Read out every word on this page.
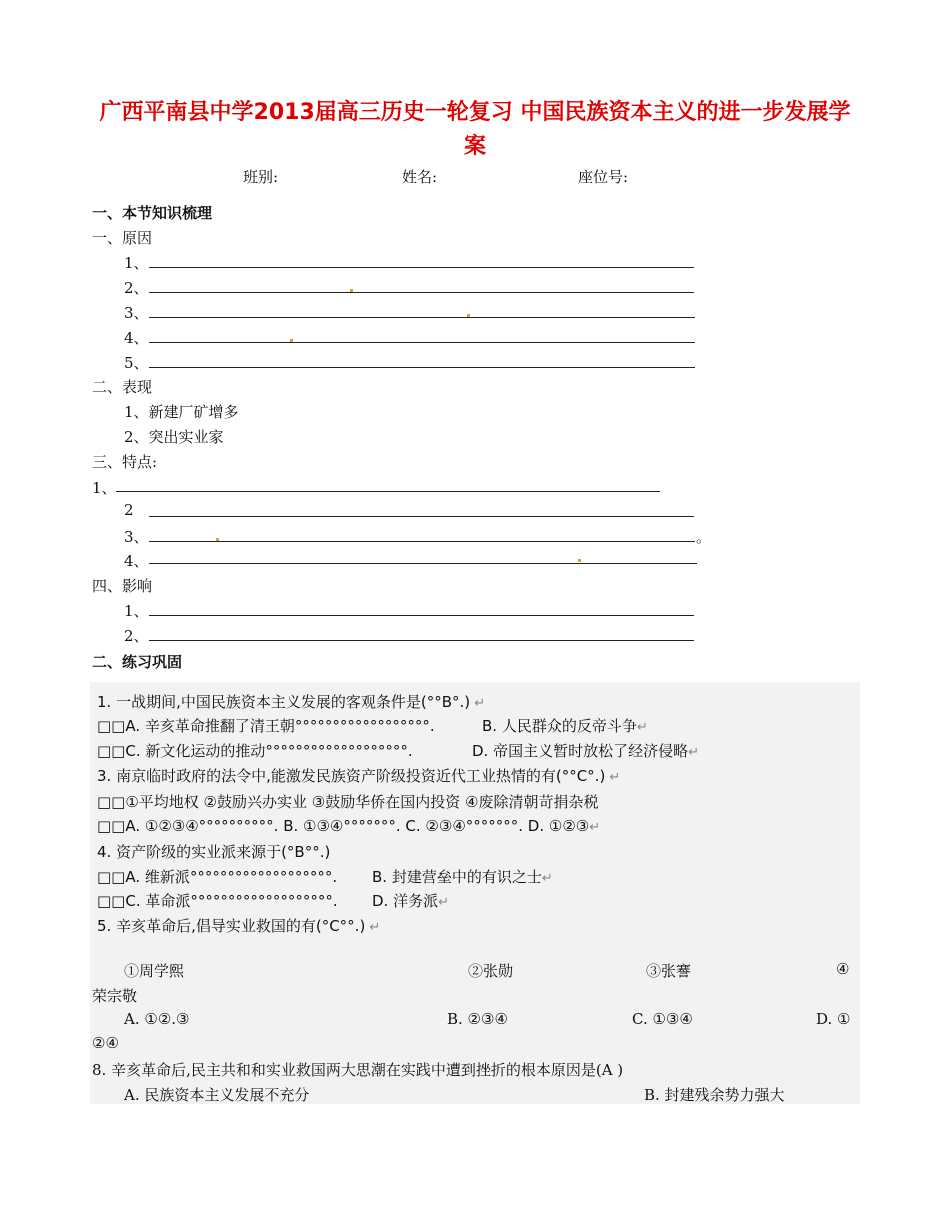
广西平南县中学2013届高三历史一轮复习 中国民族资本主义的进一步发展学
案
班别:	姓名:	座位号:
一、本节知识梳理
一、原因
1、
2、
3、
4、
5、
二、表现
1、新建厂矿增多
2、突出实业家
三、特点:
1、
2
3、	。
4、
四、影响
1、
2、
二、练习巩固
1. 一战期间,中国民族资本主义发展的客观条件是(°°B°.) ↵
□□A. 辛亥革命推翻了清王朝°°°°°°°°°°°°°°°°°°.	B. 人民群众的反帝斗争↵
□□C. 新文化运动的推动°°°°°°°°°°°°°°°°°°°.	D. 帝国主义暂时放松了经济侵略↵
3. 南京临时政府的法令中,能激发民族资产阶级投资近代工业热情的有(°°C°.) ↵
□□①平均地权 ②鼓励兴办实业 ③鼓励华侨在国内投资 ④废除清朝苛捐杂税
□□A. ①②③④°°°°°°°°°°. B. ①③④°°°°°°°. C. ②③④°°°°°°°. D. ①②③↵
4. 资产阶级的实业派来源于(°B°°.)
□□A. 维新派°°°°°°°°°°°°°°°°°°°. B. 封建营垒中的有识之士↵
□□C. 革命派°°°°°°°°°°°°°°°°°°°. D. 洋务派↵
5. 辛亥革命后,倡导实业救国的有(°C°°.) ↵
①周学熙	②张勋	③张謇	④
荣宗敬
A. ①②.③	B. ②③④	C. ①③④	D. ①
②④
8. 辛亥革命后,民主共和和实业救国两大思潮在实践中遭到挫折的根本原因是(A )
A. 民族资本主义发展不充分	B. 封建残余势力强大
